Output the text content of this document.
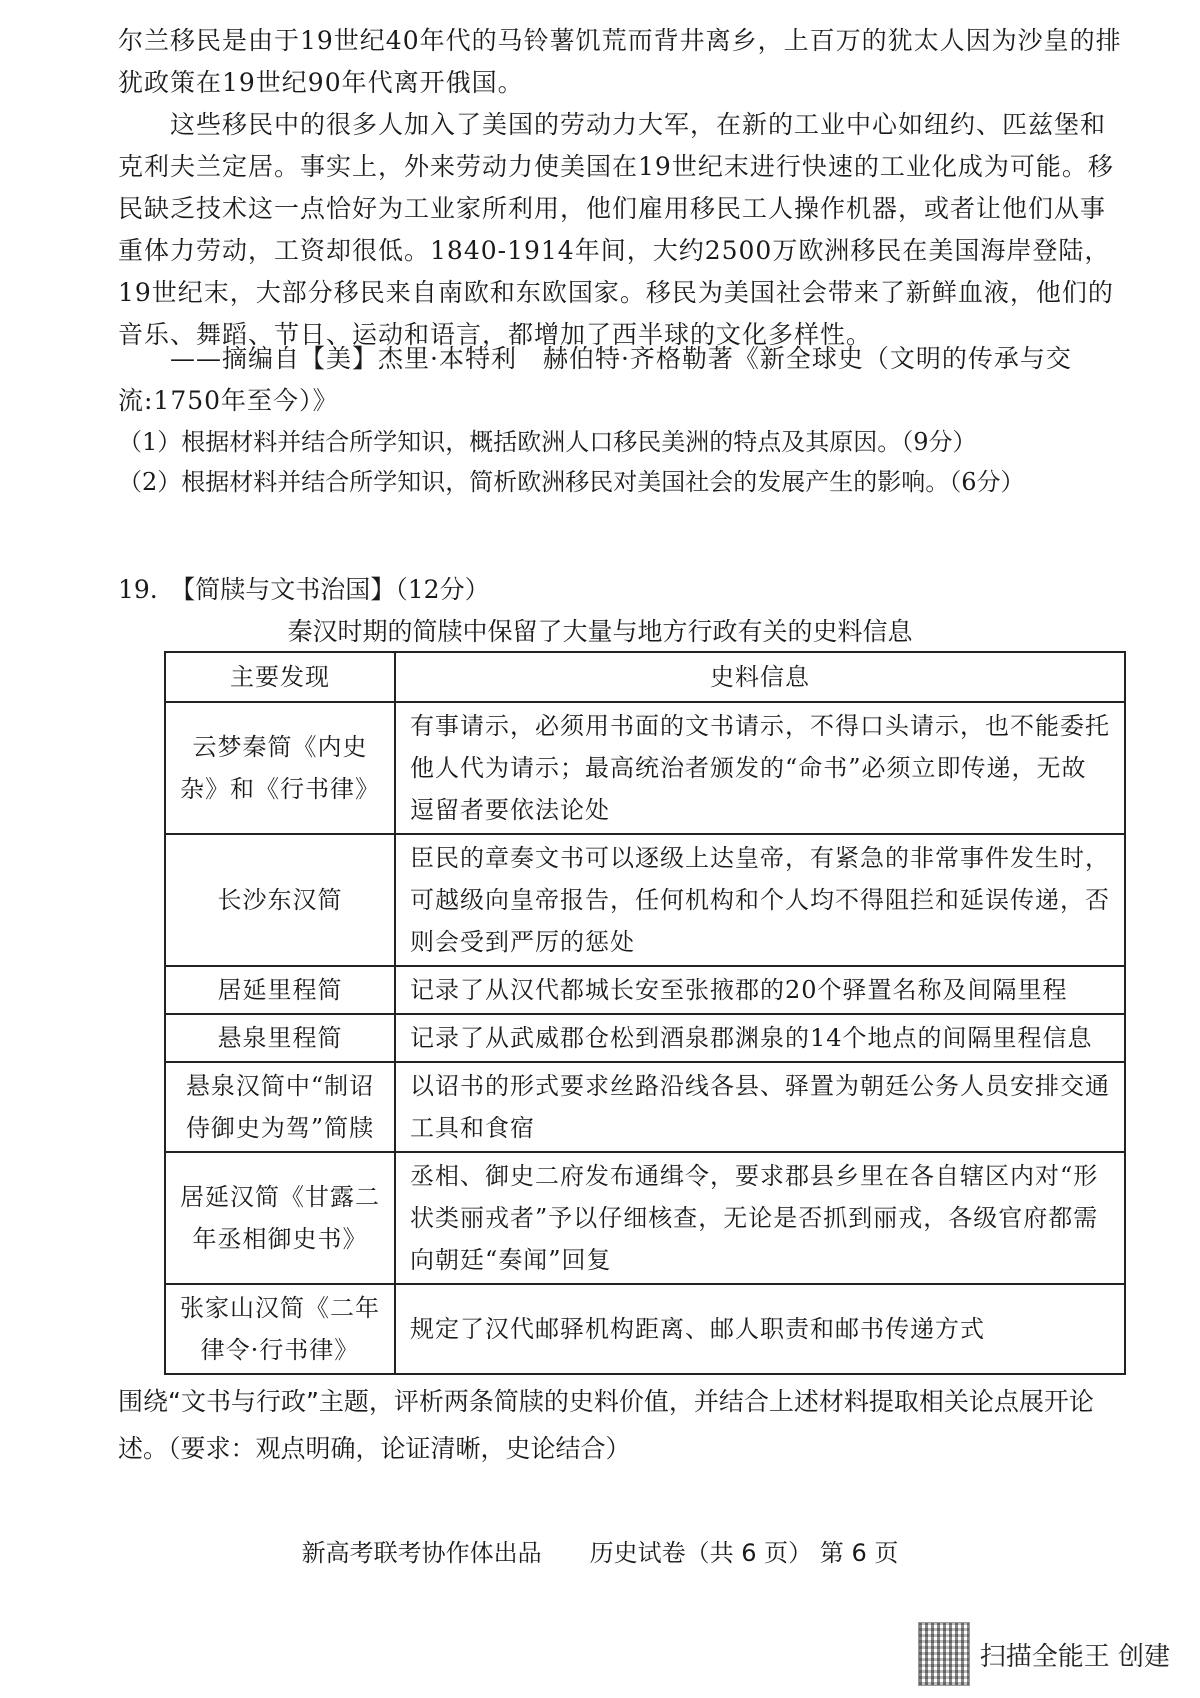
尔兰移民是由于19世纪40年代的马铃薯饥荒而背井离乡，上百万的犹太人因为沙皇的排犹政策在19世纪90年代离开俄国。

这些移民中的很多人加入了美国的劳动力大军，在新的工业中心如纽约、匹兹堡和克利夫兰定居。事实上，外来劳动力使美国在19世纪末进行快速的工业化成为可能。移民缺乏技术这一点恰好为工业家所利用，他们雇用移民工人操作机器，或者让他们从事重体力劳动，工资却很低。1840-1914年间，大约2500万欧洲移民在美国海岸登陆，19世纪末，大部分移民来自南欧和东欧国家。移民为美国社会带来了新鲜血液，他们的音乐、舞蹈、节日、运动和语言，都增加了西半球的文化多样性。

——摘编自【美】杰里·本特利　赫伯特·齐格勒著《新全球史（文明的传承与交流:1750年至今）》

（1）根据材料并结合所学知识，概括欧洲人口移民美洲的特点及其原因。（9分）

（2）根据材料并结合所学知识，简析欧洲移民对美国社会的发展产生的影响。（6分）

19.　【简牍与文书治国】（12分）
秦汉时期的简牍中保留了大量与地方行政有关的史料信息
主要发现	史料信息
云梦秦简《内史杂》和《行书律》	有事请示，必须用书面的文书请示，不得口头请示，也不能委托他人代为请示；最高统治者颁发的“命书”必须立即传递，无故逗留者要依法论处
长沙东汉简	臣民的章奏文书可以逐级上达皇帝，有紧急的非常事件发生时，可越级向皇帝报告，任何机构和个人均不得阻拦和延误传递，否则会受到严厉的惩处
居延里程简	记录了从汉代都城长安至张掖郡的20个驿置名称及间隔里程
悬泉里程简	记录了从武威郡仓松到酒泉郡渊泉的14个地点的间隔里程信息
悬泉汉简中“制诏侍御史为驾”简牍	以诏书的形式要求丝路沿线各县、驿置为朝廷公务人员安排交通工具和食宿
居延汉简《甘露二年丞相御史书》	丞相、御史二府发布通缉令，要求郡县乡里在各自辖区内对“形状类丽戎者”予以仔细核查，无论是否抓到丽戎，各级官府都需向朝廷“奏闻”回复
张家山汉简《二年律令·行书律》	规定了汉代邮驿机构距离、邮人职责和邮书传递方式

围绕“文书与行政”主题，评析两条简牍的史料价值，并结合上述材料提取相关论点展开论述。（要求：观点明确，论证清晰，史论结合）

新高考联考协作体出品　　历史试卷（共 6 页） 第 6 页
扫描全能王 创建
